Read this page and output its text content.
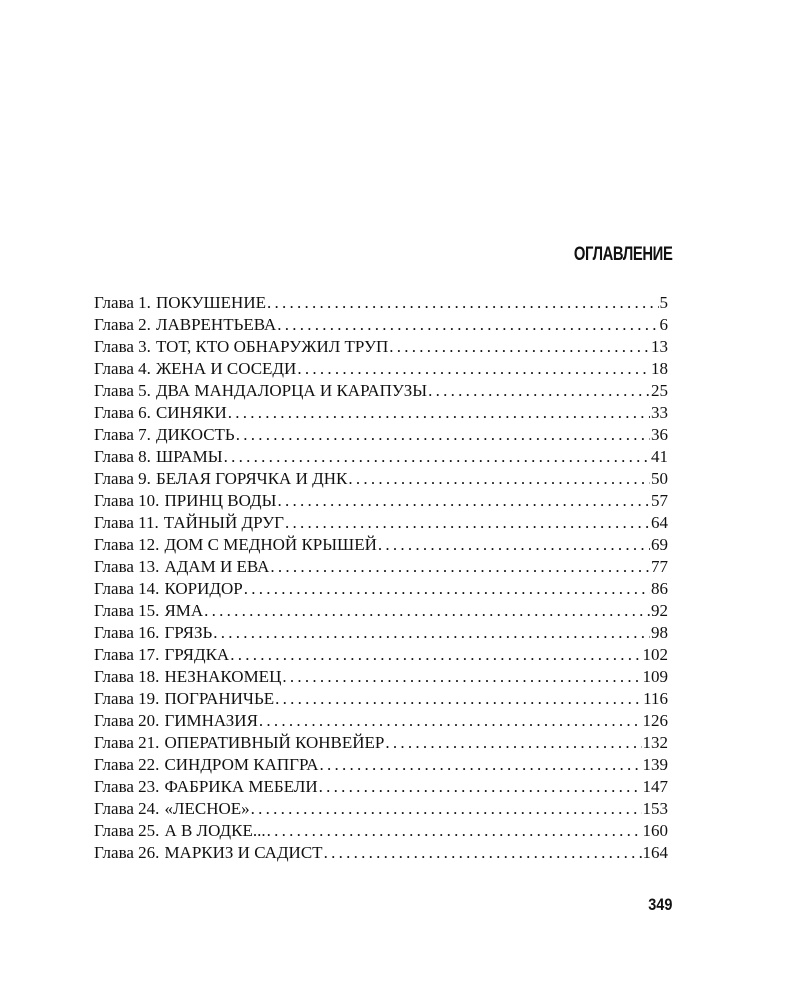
ОГЛАВЛЕНИЕ
Глава 1. ПОКУШЕНИЕ . . .	5
Глава 2. ЛАВРЕНТЬЕВА . . .	6
Глава 3. ТОТ, КТО ОБНАРУЖИЛ ТРУП . . .	13
Глава 4. ЖЕНА И СОСЕДИ . . .	18
Глава 5. ДВА МАНДАЛОРЦА И КАРАПУЗЫ . . .	25
Глава 6. СИНЯКИ . . .	33
Глава 7. ДИКОСТЬ . . .	36
Глава 8. ШРАМЫ . . .	41
Глава 9. БЕЛАЯ ГОРЯЧКА И ДНК . . .	50
Глава 10. ПРИНЦ ВОДЫ . . .	57
Глава 11. ТАЙНЫЙ ДРУГ . . .	64
Глава 12. ДОМ С МЕДНОЙ КРЫШЕЙ . . .	69
Глава 13. АДАМ И ЕВА . . .	77
Глава 14. КОРИДОР . . .	86
Глава 15. ЯМА . . .	92
Глава 16. ГРЯЗЬ . . .	98
Глава 17. ГРЯДКА . . .	102
Глава 18. НЕЗНАКОМЕЦ . . .	109
Глава 19. ПОГРАНИЧЬЕ . . .	116
Глава 20. ГИМНАЗИЯ . . .	126
Глава 21. ОПЕРАТИВНЫЙ КОНВЕЙЕР . . .	132
Глава 22. СИНДРОМ КАПГРА . . .	139
Глава 23. ФАБРИКА МЕБЕЛИ . . .	147
Глава 24. «ЛЕСНОЕ» . . .	153
Глава 25. А В ЛОДКЕ... . . .	160
Глава 26. МАРКИЗ И САДИСТ . . .	164
349
